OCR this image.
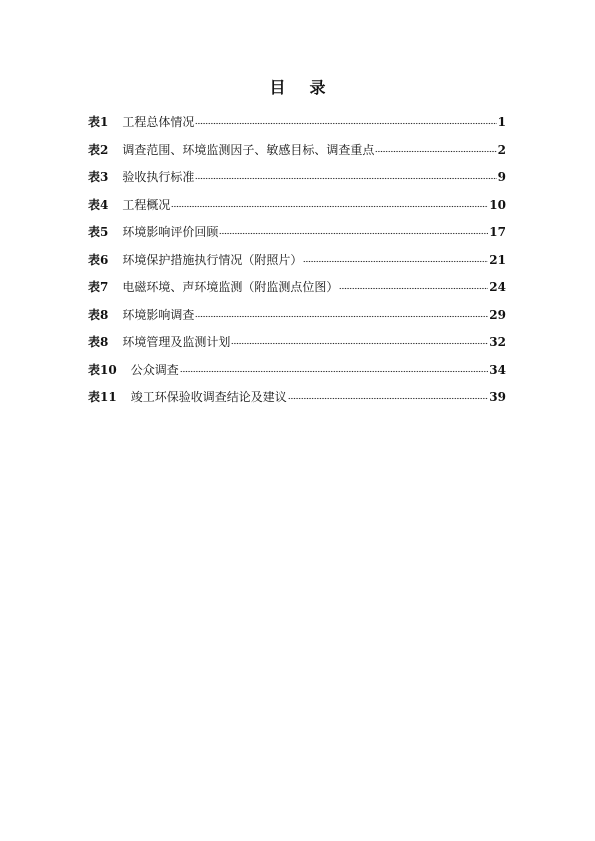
目　录
表1 工程总体情况	1
表2 调查范围、环境监测因子、敏感目标、调查重点	2
表3 验收执行标准	9
表4 工程概况	10
表5 环境影响评价回顾	17
表6 环境保护措施执行情况（附照片）	21
表7 电磁环境、声环境监测（附监测点位图）	24
表8 环境影响调查	29
表8 环境管理及监测计划	32
表10 公众调查	34
表11 竣工环保验收调查结论及建议	39
